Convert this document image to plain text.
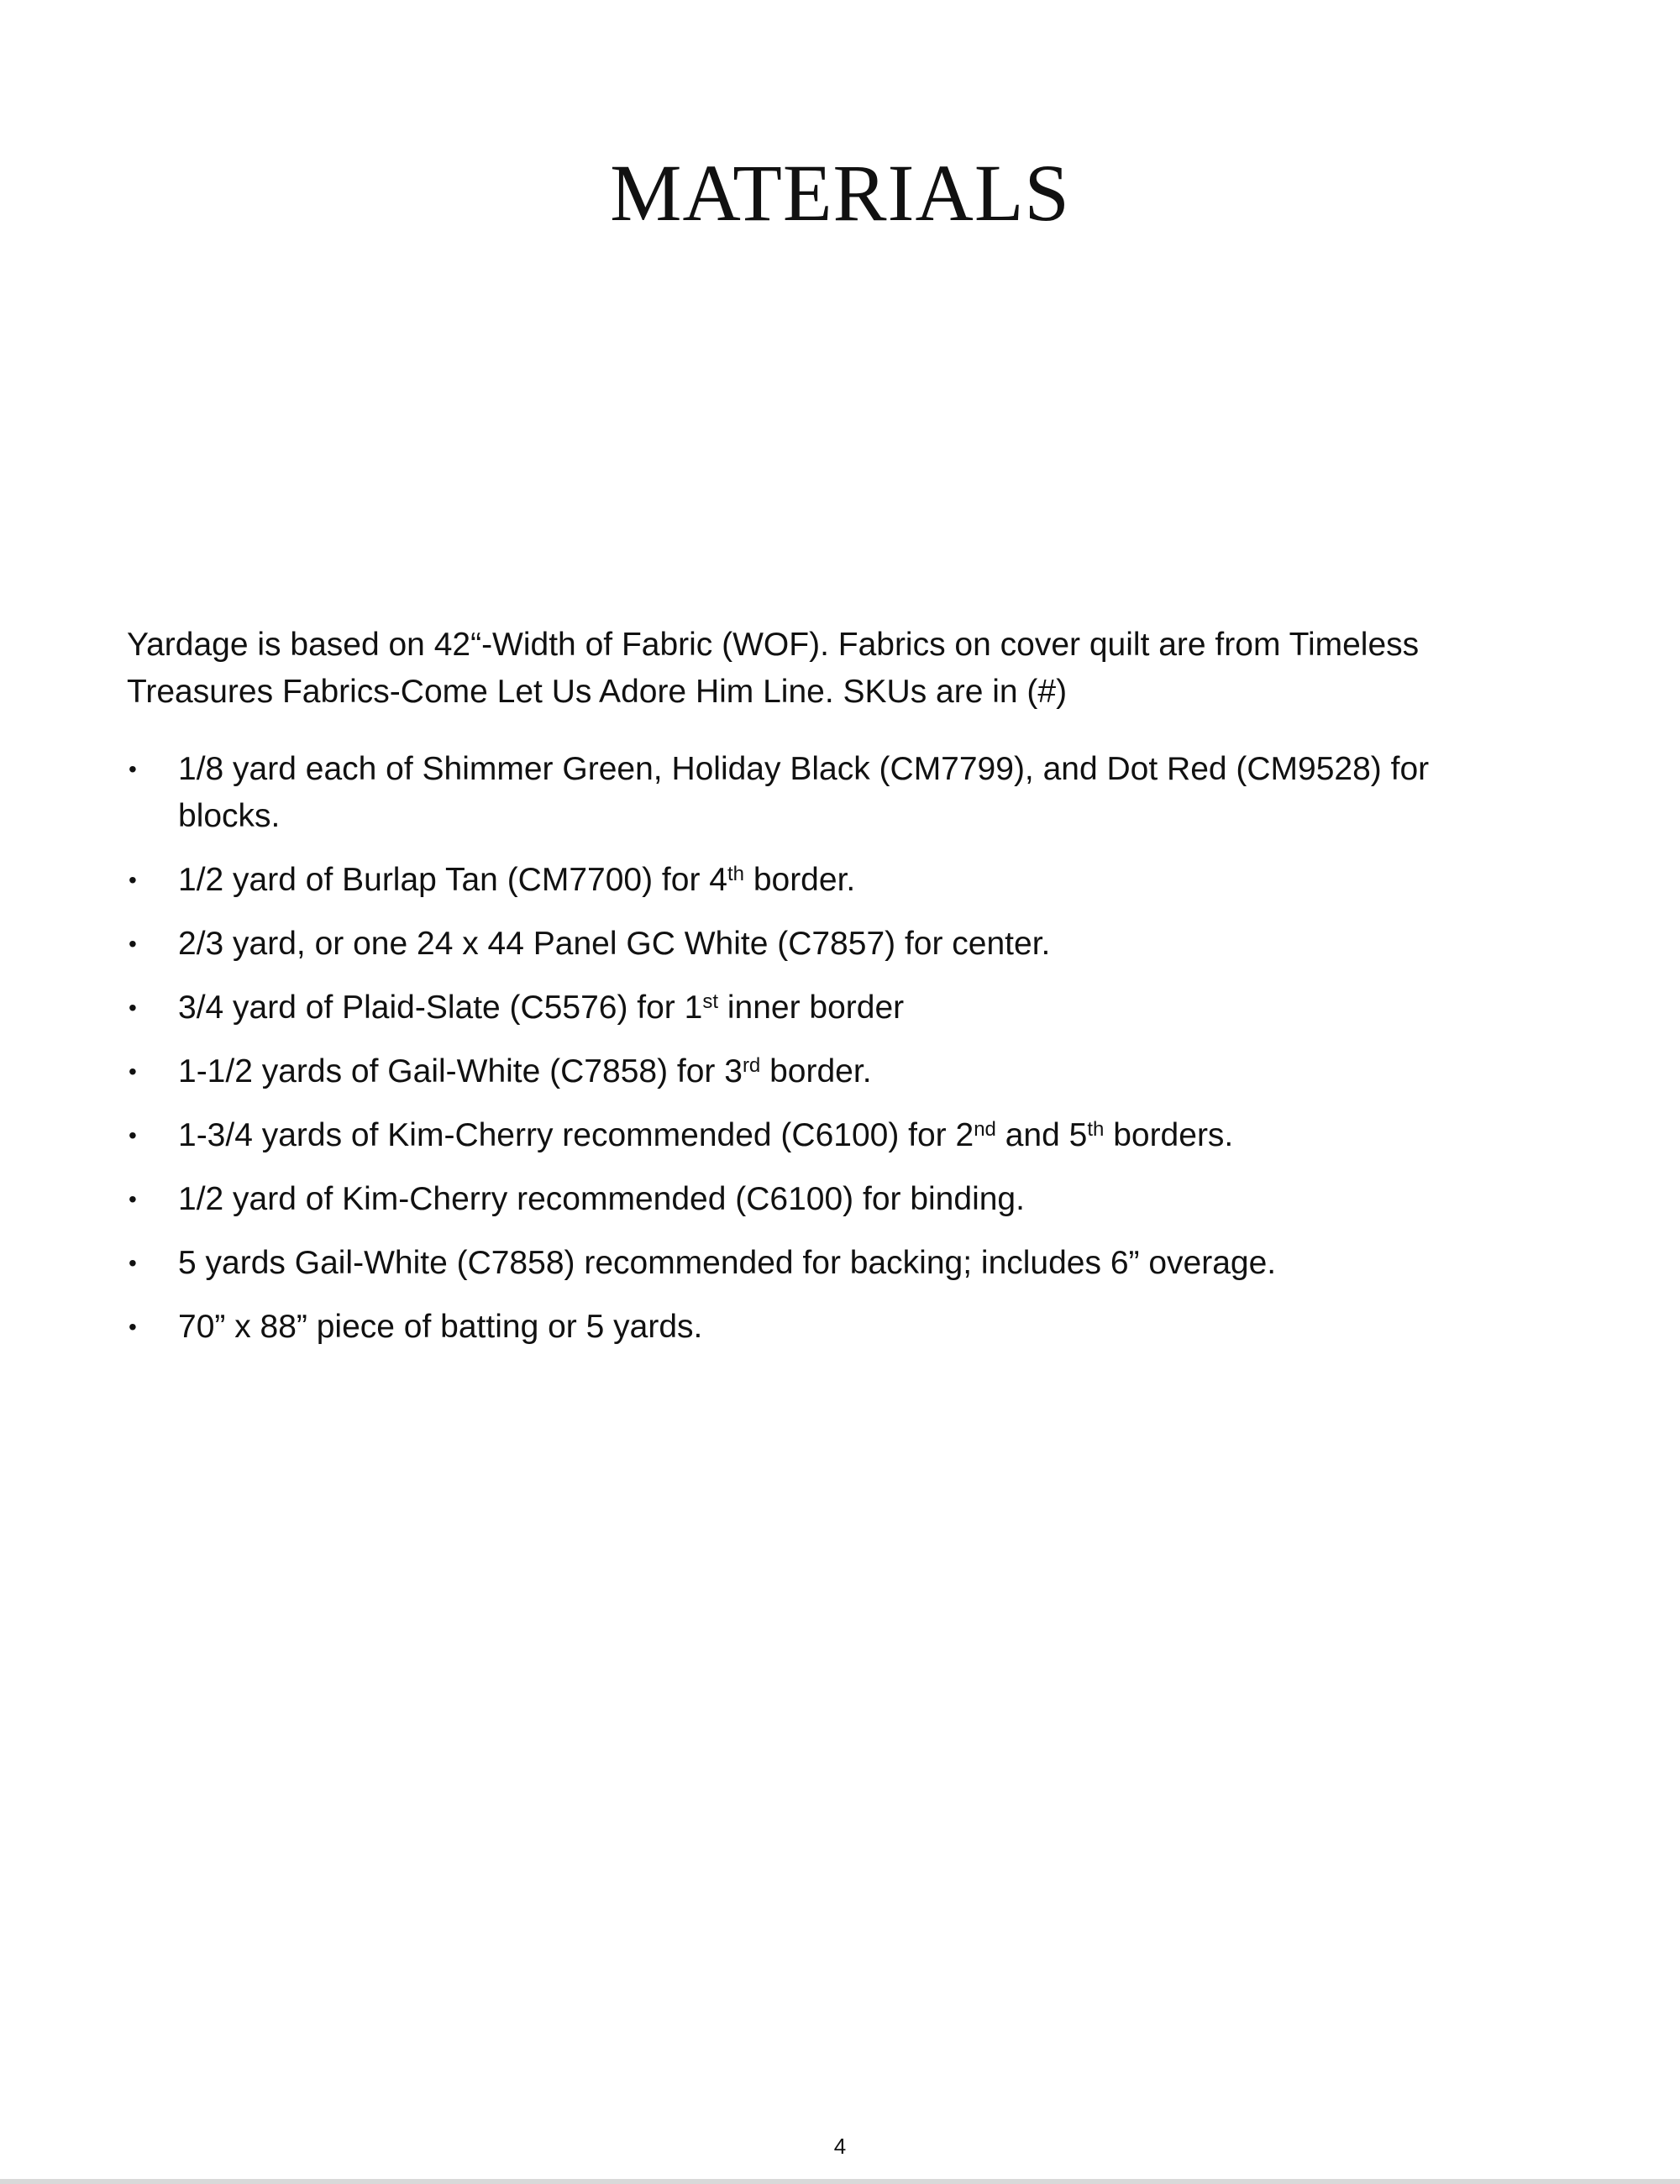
MATERIALS

Yardage is based on 42“-Width of Fabric (WOF). Fabrics on cover quilt are from Timeless Treasures Fabrics-Come Let Us Adore Him Line. SKUs are in (#)

•	1/8 yard each of Shimmer Green, Holiday Black (CM7799), and Dot Red (CM9528) for blocks.
•	1/2 yard of Burlap Tan (CM7700) for 4th border.
•	2/3 yard, or one 24 x 44 Panel GC White (C7857) for center.
•	3/4 yard of Plaid-Slate (C5576) for 1st inner border
•	1-1/2 yards of Gail-White (C7858) for 3rd border.
•	1-3/4 yards of Kim-Cherry recommended (C6100) for 2nd and 5th borders.
•	1/2 yard of Kim-Cherry recommended (C6100) for binding.
•	5 yards Gail-White (C7858) recommended for backing; includes 6” overage.
•	70” x 88” piece of batting or 5 yards.
4
